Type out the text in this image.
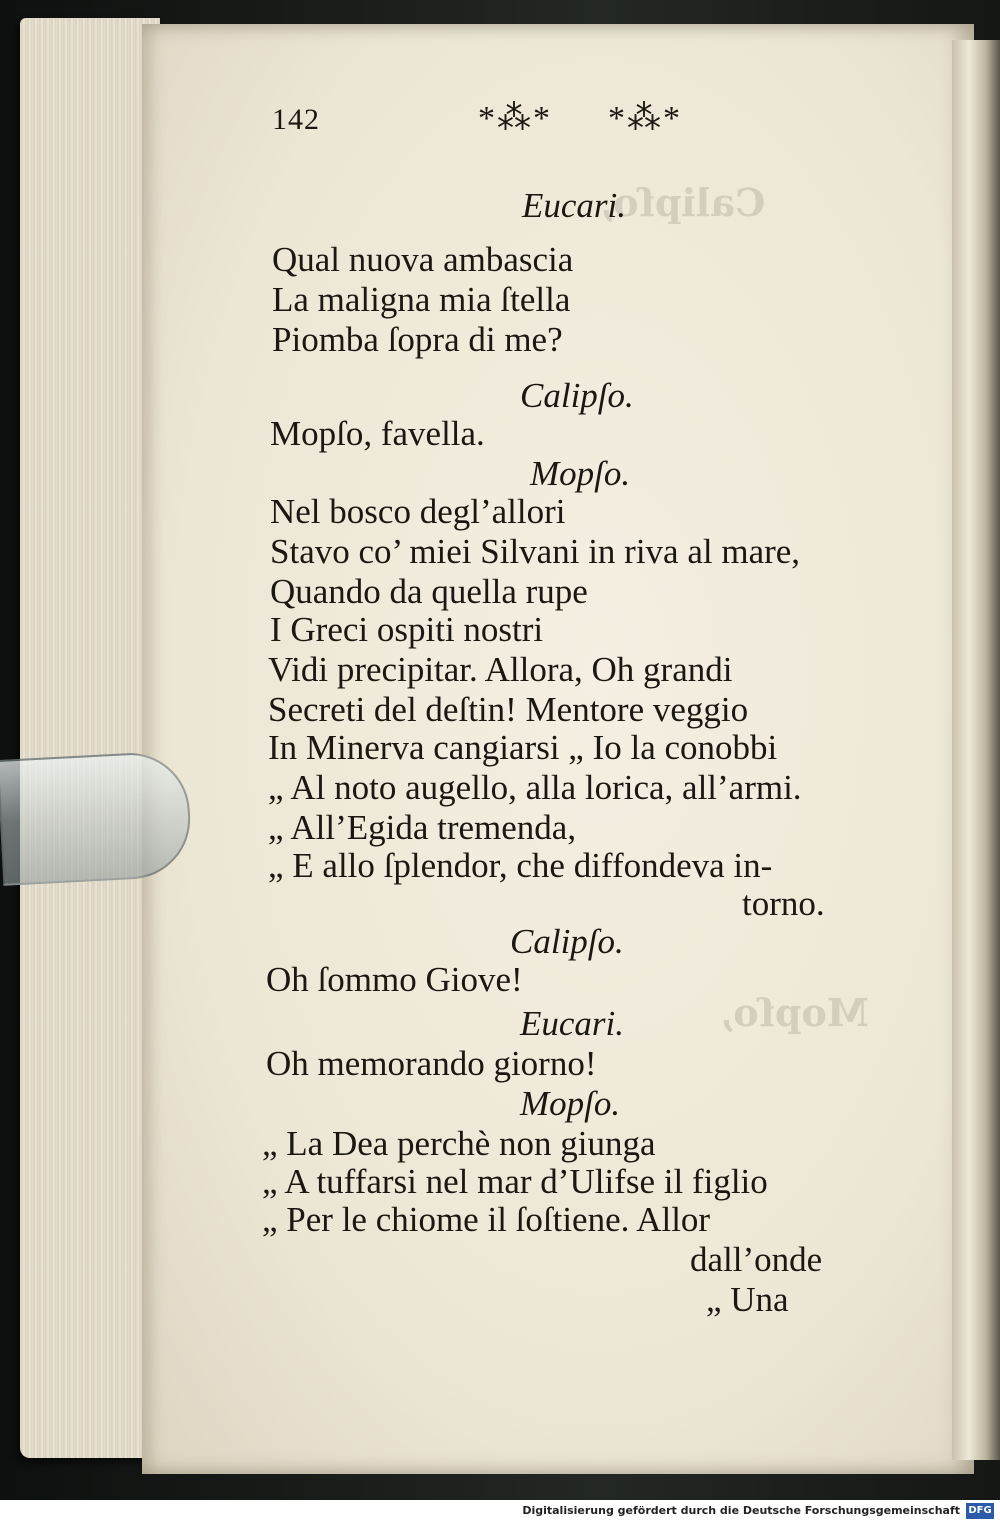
Calipſo,
Mopſo,
142	*⁂* *⁂*
Eucari.
Qual nuova ambascia
La maligna mia ſtella
Piomba ſopra di me?
Calipſo.
Mopſo, favella.
Mopſo.
Nel bosco degl’allori
Stavo co’ miei Silvani in riva al mare,
Quando da quella rupe
I Greci ospiti nostri
Vidi precipitar. Allora, Oh grandi
Secreti del deſtin! Mentore veggio
In Minerva cangiarsi „ Io la conobbi
„ Al noto augello, alla lorica, all’armi.
„ All’Egida tremenda,
„ E allo ſplendor, che diffondeva in-
torno.
Calipſo.
Oh ſommo Giove!
Eucari.
Oh memorando giorno!
Mopſo.
„ La Dea perchè non giunga
„ A tuffarsi nel mar d’Ulifse il figlio
„ Per le chiome il ſoſtiene. Allor
dall’onde
„ Una
Digitalisierung gefördert durch die Deutsche Forschungsgemeinschaft DFG
